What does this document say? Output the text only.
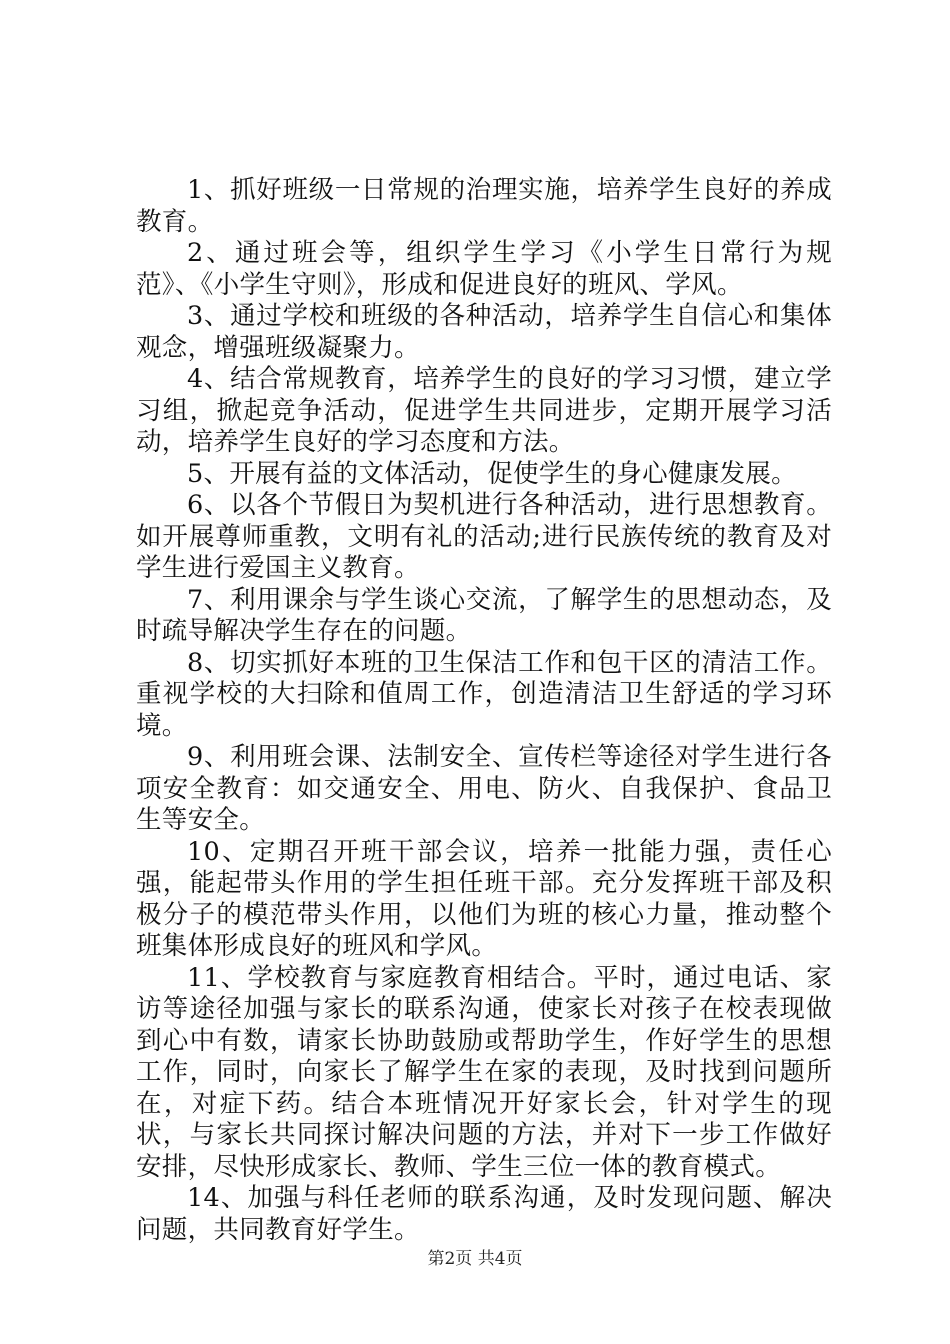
1、抓好班级一日常规的治理实施，培养学生良好的养成教育。

2、通过班会等，组织学生学习《小学生日常行为规范》、《小学生守则》，形成和促进良好的班风、学风。

3、通过学校和班级的各种活动，培养学生自信心和集体观念，增强班级凝聚力。

4、结合常规教育，培养学生的良好的学习习惯，建立学习组，掀起竞争活动，促进学生共同进步，定期开展学习活动，培养学生良好的学习态度和方法。

5、开展有益的文体活动，促使学生的身心健康发展。

6、以各个节假日为契机进行各种活动，进行思想教育。如开展尊师重教，文明有礼的活动;进行民族传统的教育及对学生进行爱国主义教育。

7、利用课余与学生谈心交流，了解学生的思想动态，及时疏导解决学生存在的问题。

8、切实抓好本班的卫生保洁工作和包干区的清洁工作。重视学校的大扫除和值周工作，创造清洁卫生舒适的学习环境。

9、利用班会课、法制安全、宣传栏等途径对学生进行各项安全教育：如交通安全、用电、防火、自我保护、食品卫生等安全。

10、定期召开班干部会议，培养一批能力强，责任心强，能起带头作用的学生担任班干部。充分发挥班干部及积极分子的模范带头作用，以他们为班的核心力量，推动整个班集体形成良好的班风和学风。

11、学校教育与家庭教育相结合。平时，通过电话、家访等途径加强与家长的联系沟通，使家长对孩子在校表现做到心中有数，请家长协助鼓励或帮助学生，作好学生的思想工作，同时，向家长了解学生在家的表现，及时找到问题所在，对症下药。结合本班情况开好家长会，针对学生的现状，与家长共同探讨解决问题的方法，并对下一步工作做好安排，尽快形成家长、教师、学生三位一体的教育模式。

14、加强与科任老师的联系沟通，及时发现问题、解决问题，共同教育好学生。

第2页 共4页
